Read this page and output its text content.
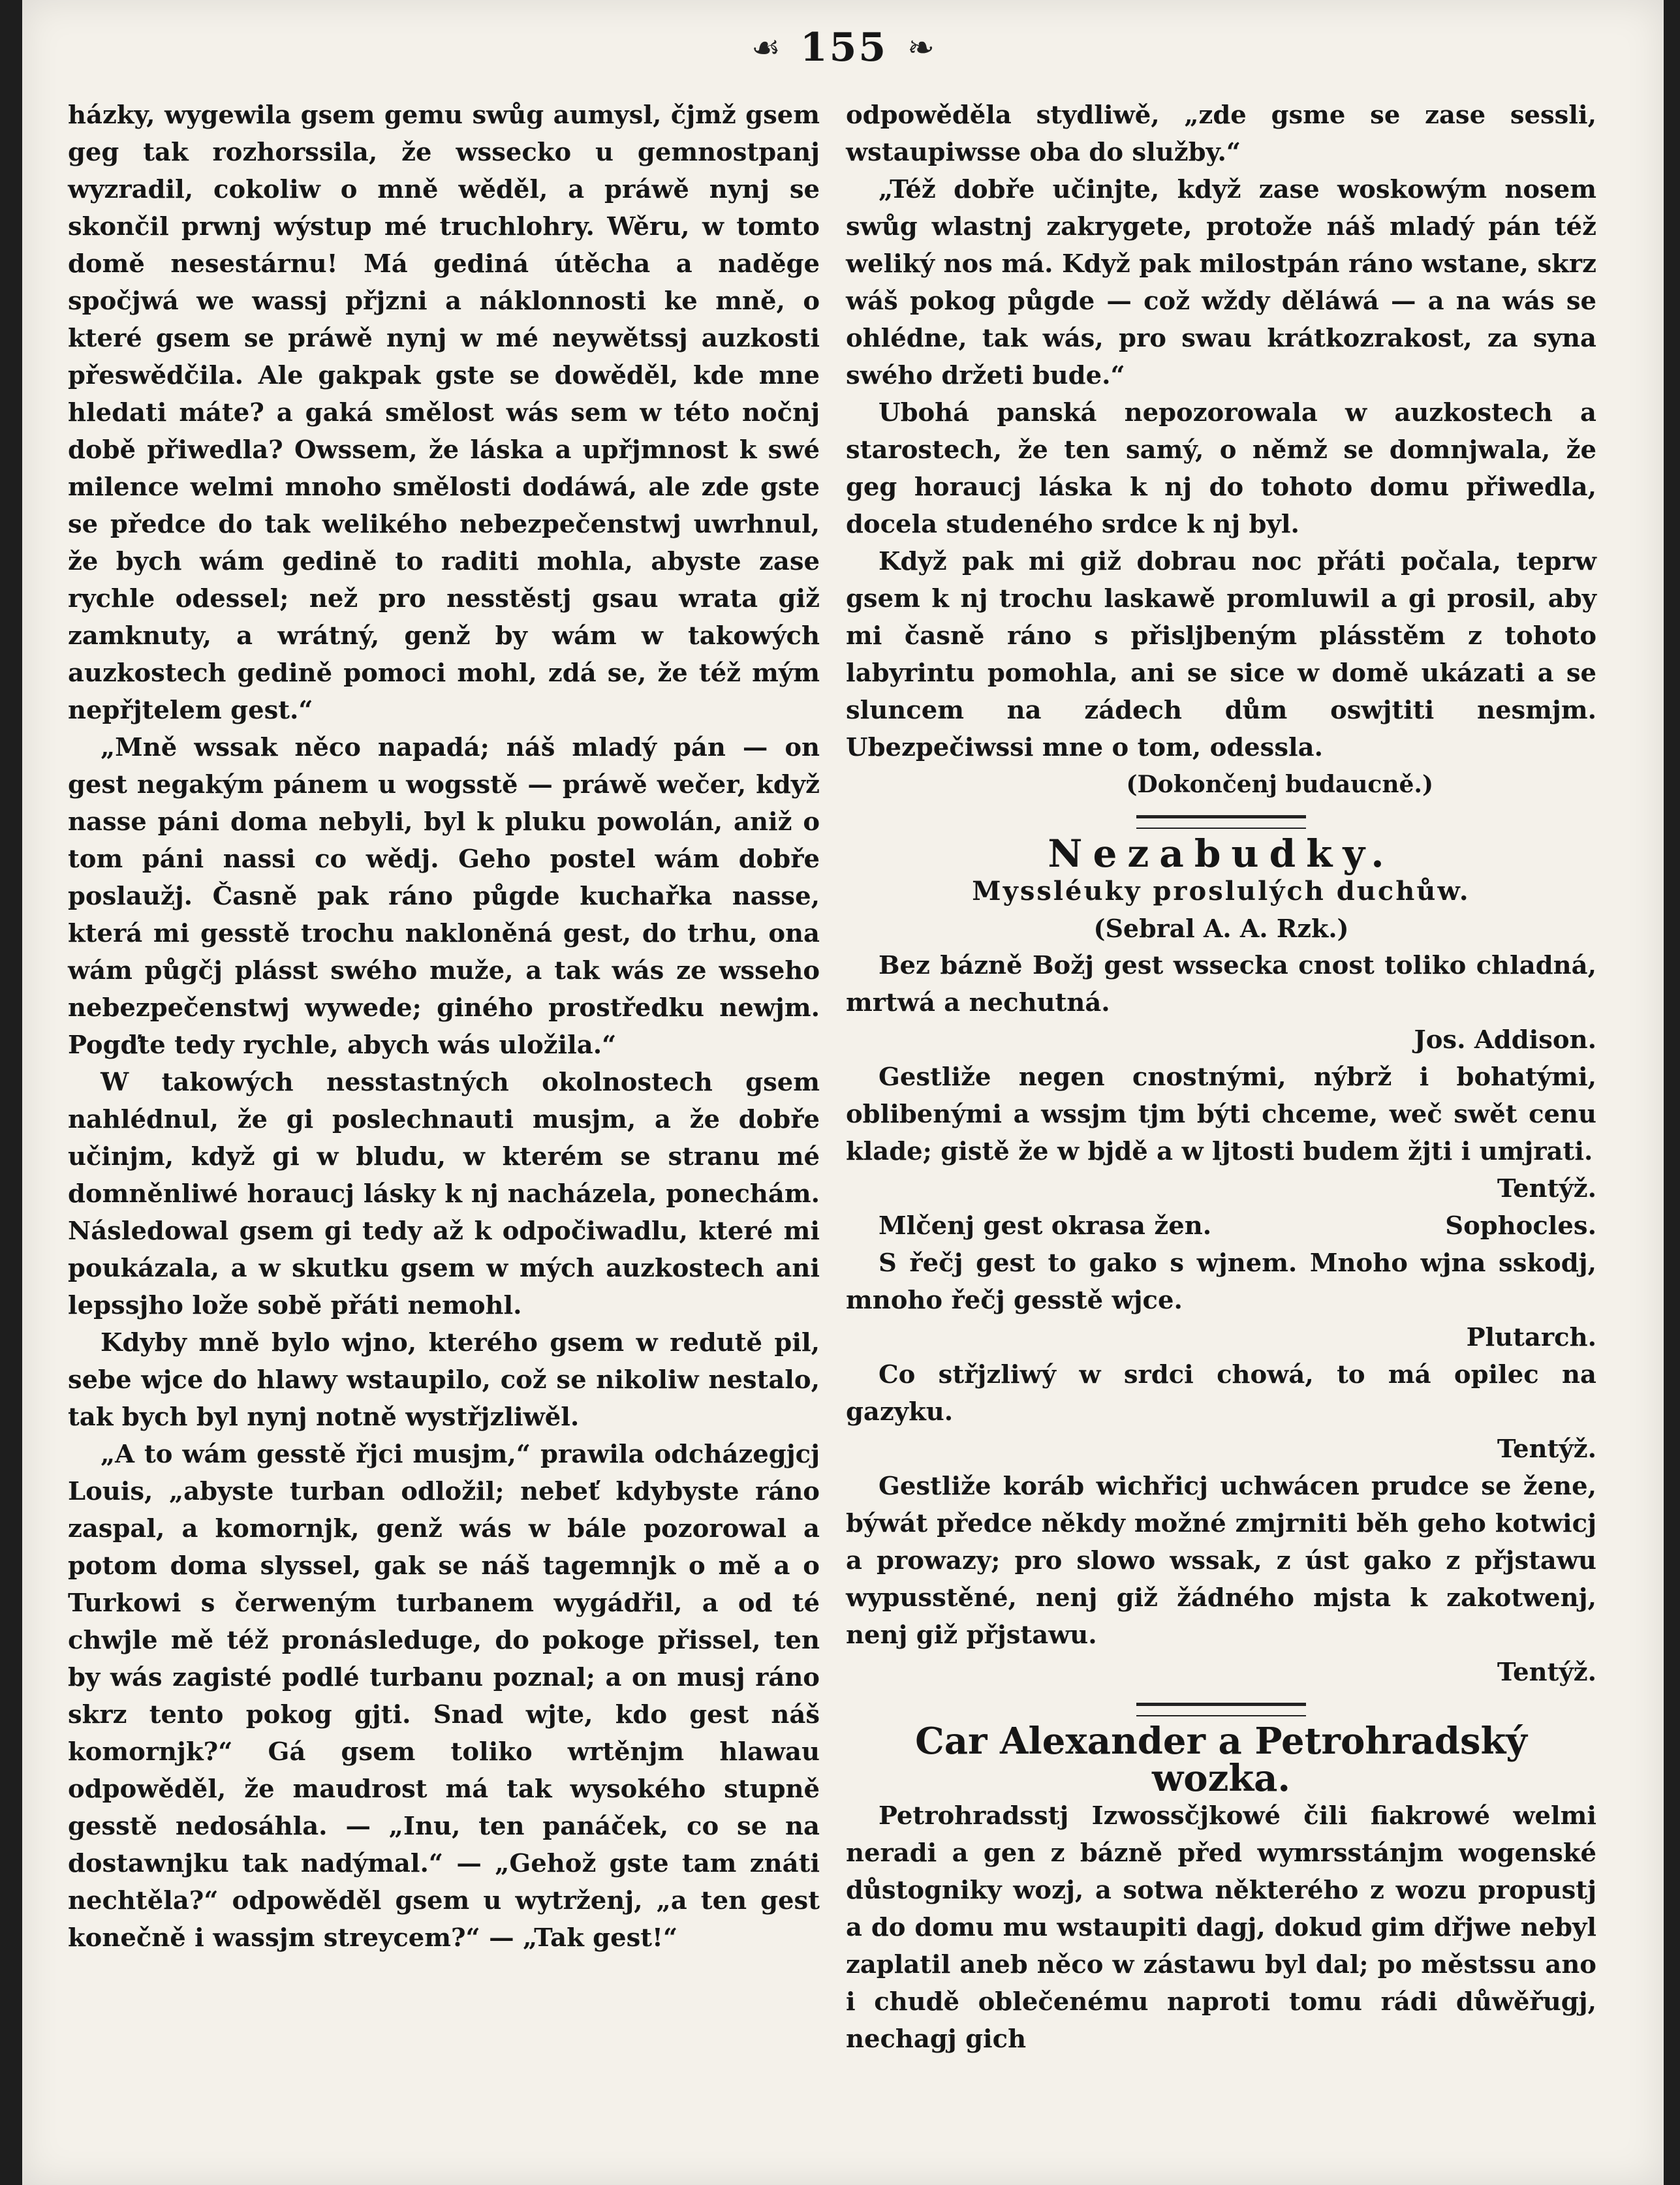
☙ 155 ❧

házky, wygewila gsem gemu swůg aumysl, čjmž gsem geg tak rozhorssila, že wssecko u gemnostpanj wyzradil, cokoliw o mně wěděl, a práwě nynj se skončil prwnj wýstup mé truchlohry. Wěru, w tomto domě nesestárnu! Má gediná útěcha a naděge spočjwá we wassj přjzni a náklonnosti ke mně, o které gsem se práwě nynj w mé neywětssj auzkosti přeswědčila. Ale gakpak gste se dowěděl, kde mne hledati máte? a gaká smělost wás sem w této nočnj době přiwedla? Owssem, že láska a upřjmnost k swé milence welmi mnoho smělosti dodáwá, ale zde gste se předce do tak welikého nebezpečenstwj uwrhnul, že bych wám gedině to raditi mohla, abyste zase rychle odessel; než pro nesstěstj gsau wrata giž zamknuty, a wrátný, genž by wám w takowých auzkostech gedině pomoci mohl, zdá se, že též mým nepřjtelem gest.“

„Mně wssak něco napadá; náš mladý pán — on gest negakým pánem u wogsstě — práwě wečer, když nasse páni doma nebyli, byl k pluku powolán, aniž o tom páni nassi co wědj. Geho postel wám dobře poslaužj. Časně pak ráno půgde kuchařka nasse, která mi gesstě trochu nakloněná gest, do trhu, ona wám půgčj plásst swého muže, a tak wás ze wsseho nebezpečenstwj wywede; giného prostředku newjm. Pogďte tedy rychle, abych wás uložila.“

W takowých nesstastných okolnostech gsem nahlédnul, že gi poslechnauti musjm, a že dobře učinjm, když gi w bludu, w kterém se stranu mé domněnliwé horaucj lásky k nj nacházela, ponechám. Následowal gsem gi tedy až k odpočiwadlu, které mi poukázala, a w skutku gsem w mých auzkostech ani lepssjho lože sobě přáti nemohl.

Kdyby mně bylo wjno, kterého gsem w redutě pil, sebe wjce do hlawy wstaupilo, což se nikoliw nestalo, tak bych byl nynj notně wystřjzliwěl.

„A to wám gesstě řjci musjm,“ prawila odcházegjcj Louis, „abyste turban odložil; nebeť kdybyste ráno zaspal, a komornjk, genž wás w bále pozorowal a potom doma slyssel, gak se náš tagemnjk o mě a o Turkowi s čerweným turbanem wygádřil, a od té chwjle mě též pronásleduge, do pokoge přissel, ten by wás zagisté podlé turbanu poznal; a on musj ráno skrz tento pokog gjti. Snad wjte, kdo gest náš komornjk?“ Gá gsem toliko wrtěnjm hlawau odpowěděl, že maudrost má tak wysokého stupně gesstě nedosáhla. — „Inu, ten panáček, co se na dostawnjku tak nadýmal.“ — „Gehož gste tam znáti nechtěla?“ odpowěděl gsem u wytrženj, „a ten gest konečně i wassjm streycem?“ — „Tak gest!“

odpowěděla stydliwě, „zde gsme se zase sessli, wstaupiwsse oba do služby.“

„Též dobře učinjte, když zase woskowým nosem swůg wlastnj zakrygete, protože náš mladý pán též weliký nos má. Když pak milostpán ráno wstane, skrz wáš pokog půgde — což wždy děláwá — a na wás se ohlédne, tak wás, pro swau krátkozrakost, za syna swého držeti bude.“

Ubohá panská nepozorowala w auzkostech a starostech, že ten samý, o němž se domnjwala, že geg horaucj láska k nj do tohoto domu přiwedla, docela studeného srdce k nj byl.

Když pak mi giž dobrau noc přáti počala, teprw gsem k nj trochu laskawě promluwil a gi prosil, aby mi časně ráno s přisljbeným plásstěm z tohoto labyrintu pomohla, ani se sice w domě ukázati a se sluncem na zádech dům oswjtiti nesmjm. Ubezpečiwssi mne o tom, odessla.

(Dokončenj budaucně.)

Nezabudky.

Myssléuky proslulých duchůw.

(Sebral A. A. Rzk.)

Bez bázně Božj gest wssecka cnost toliko chladná, mrtwá a nechutná.

Jos. Addison.

Gestliže negen cnostnými, nýbrž i bohatými, oblibenými a wssjm tjm býti chceme, weč swět cenu klade; gistě že w bjdě a w ljtosti budem žjti i umjrati.

Tentýž.

Mlčenj gest okrasa žen.	Sophocles.

S řečj gest to gako s wjnem. Mnoho wjna sskodj, mnoho řečj gesstě wjce.

Plutarch.

Co střjzliwý w srdci chowá, to má opilec na gazyku.

Tentýž.

Gestliže koráb wichřicj uchwácen prudce se žene, býwát předce někdy možné zmjrniti běh geho kotwicj a prowazy; pro slowo wssak, z úst gako z přjstawu wypusstěné, nenj giž žádného mjsta k zakotwenj, nenj giž přjstawu.

Tentýž.

Car Alexander a Petrohradský wozka.

Petrohradsstj Izwossčjkowé čili fiakrowé welmi neradi a gen z bázně před wymrsstánjm wogenské důstogniky wozj, a sotwa některého z wozu propustj a do domu mu wstaupiti dagj, dokud gim dřjwe nebyl zaplatil aneb něco w zástawu byl dal; po městssu ano i chudě oblečenému naproti tomu rádi důwěřugj, nechagj gich
